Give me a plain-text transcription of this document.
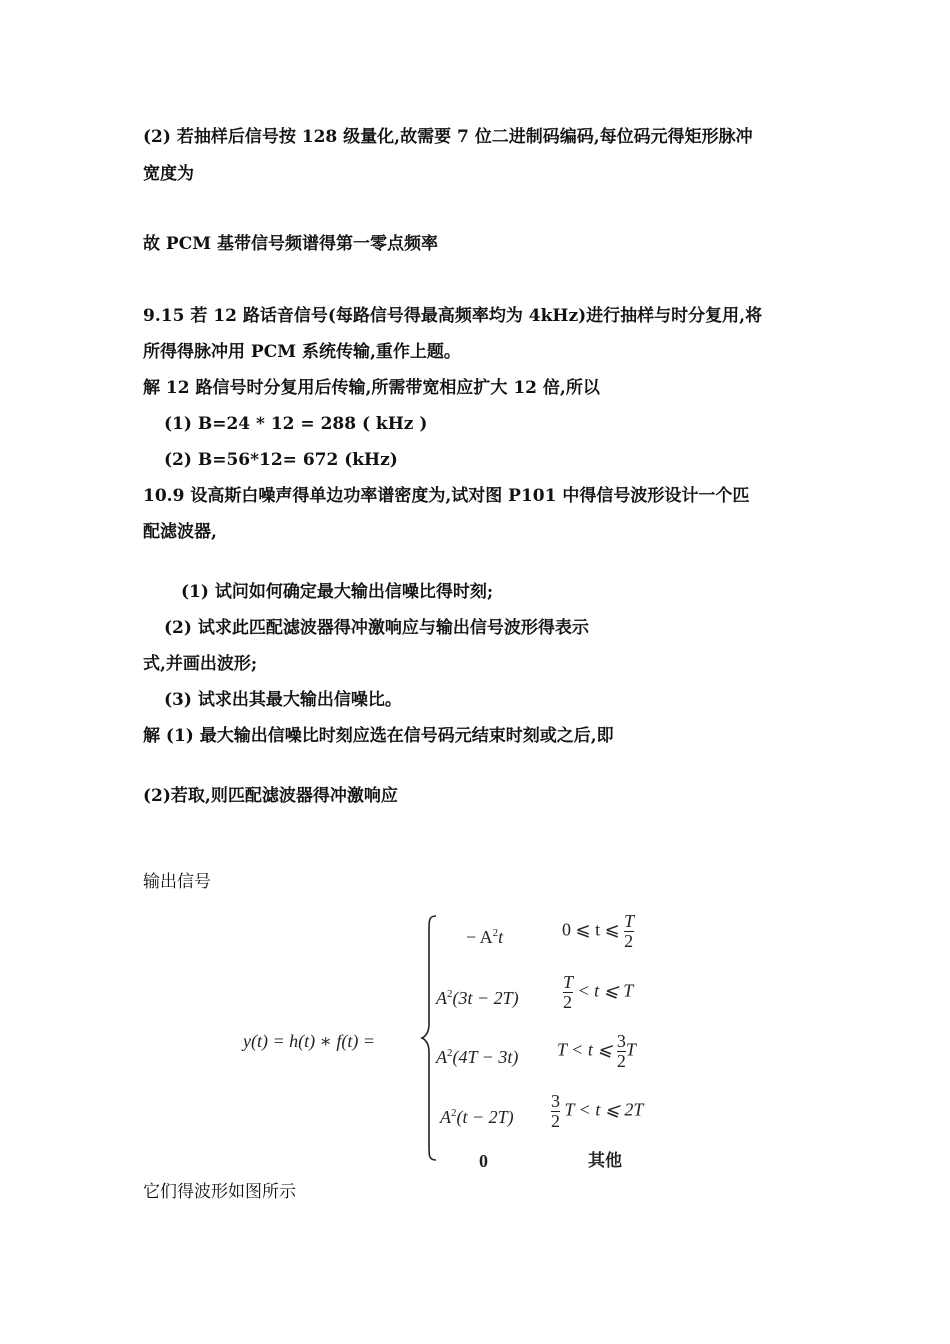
(2) 若抽样后信号按 128 级量化,故需要 7 位二进制码编码,每位码元得矩形脉冲
宽度为
故 PCM 基带信号频谱得第一零点频率
9.15 若 12 路话音信号(每路信号得最高频率均为 4kHz)进行抽样与时分复用,将
所得得脉冲用 PCM 系统传输,重作上题。
解 12 路信号时分复用后传输,所需带宽相应扩大 12 倍,所以
(1) B=24 * 12 = 288 ( kHz )
(2) B=56*12= 672 (kHz)
10.9 设高斯白噪声得单边功率谱密度为,试对图 P101 中得信号波形设计一个匹
配滤波器,
(1) 试问如何确定最大输出信噪比得时刻;
(2) 试求此匹配滤波器得冲激响应与输出信号波形得表示
式,并画出波形;
(3) 试求出其最大输出信噪比。
解 (1) 最大输出信噪比时刻应选在信号码元结束时刻或之后,即
(2)若取,则匹配滤波器得冲激响应
输出信号
y(t) = h(t) ∗ f(t) =
− $A^2t$	0 ⩽ t ⩽ $\frac{T}{2}$
$A^2(3t - 2T) \frac{T}{2} < t$ ⩽ T
$A^2(4T - 3t) T < t$ ⩽ $\frac{3}{2}$ T
$A^2(t - 2T) \frac{3}{2}$ T < t ⩽ 2T
0	其他
它们得波形如图所示
